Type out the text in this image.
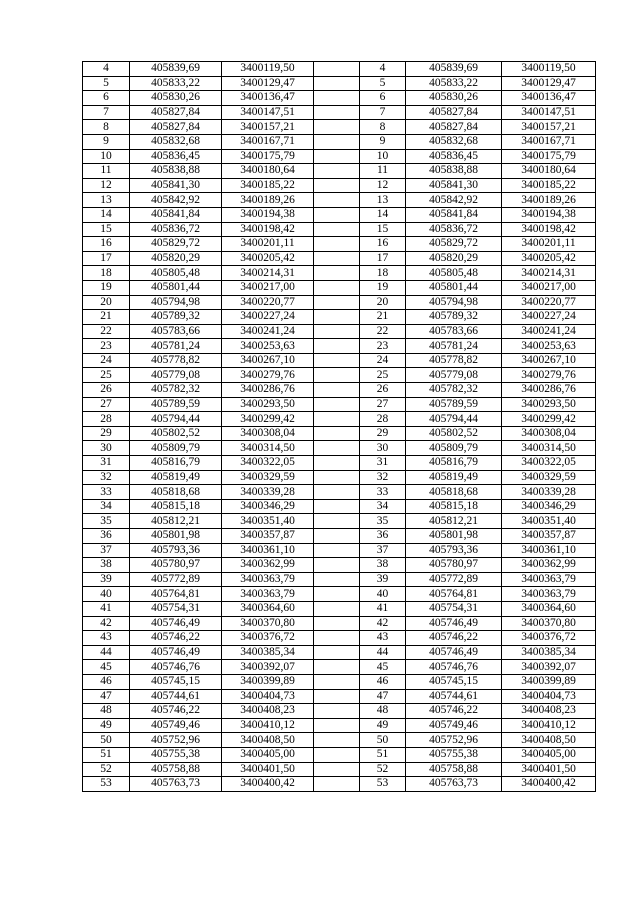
4	405839,69	3400119,50		4	405839,69	3400119,50
5	405833,22	3400129,47		5	405833,22	3400129,47
6	405830,26	3400136,47		6	405830,26	3400136,47
7	405827,84	3400147,51		7	405827,84	3400147,51
8	405827,84	3400157,21		8	405827,84	3400157,21
9	405832,68	3400167,71		9	405832,68	3400167,71
10	405836,45	3400175,79		10	405836,45	3400175,79
11	405838,88	3400180,64		11	405838,88	3400180,64
12	405841,30	3400185,22		12	405841,30	3400185,22
13	405842,92	3400189,26		13	405842,92	3400189,26
14	405841,84	3400194,38		14	405841,84	3400194,38
15	405836,72	3400198,42		15	405836,72	3400198,42
16	405829,72	3400201,11		16	405829,72	3400201,11
17	405820,29	3400205,42		17	405820,29	3400205,42
18	405805,48	3400214,31		18	405805,48	3400214,31
19	405801,44	3400217,00		19	405801,44	3400217,00
20	405794,98	3400220,77		20	405794,98	3400220,77
21	405789,32	3400227,24		21	405789,32	3400227,24
22	405783,66	3400241,24		22	405783,66	3400241,24
23	405781,24	3400253,63		23	405781,24	3400253,63
24	405778,82	3400267,10		24	405778,82	3400267,10
25	405779,08	3400279,76		25	405779,08	3400279,76
26	405782,32	3400286,76		26	405782,32	3400286,76
27	405789,59	3400293,50		27	405789,59	3400293,50
28	405794,44	3400299,42		28	405794,44	3400299,42
29	405802,52	3400308,04		29	405802,52	3400308,04
30	405809,79	3400314,50		30	405809,79	3400314,50
31	405816,79	3400322,05		31	405816,79	3400322,05
32	405819,49	3400329,59		32	405819,49	3400329,59
33	405818,68	3400339,28		33	405818,68	3400339,28
34	405815,18	3400346,29		34	405815,18	3400346,29
35	405812,21	3400351,40		35	405812,21	3400351,40
36	405801,98	3400357,87		36	405801,98	3400357,87
37	405793,36	3400361,10		37	405793,36	3400361,10
38	405780,97	3400362,99		38	405780,97	3400362,99
39	405772,89	3400363,79		39	405772,89	3400363,79
40	405764,81	3400363,79		40	405764,81	3400363,79
41	405754,31	3400364,60		41	405754,31	3400364,60
42	405746,49	3400370,80		42	405746,49	3400370,80
43	405746,22	3400376,72		43	405746,22	3400376,72
44	405746,49	3400385,34		44	405746,49	3400385,34
45	405746,76	3400392,07		45	405746,76	3400392,07
46	405745,15	3400399,89		46	405745,15	3400399,89
47	405744,61	3400404,73		47	405744,61	3400404,73
48	405746,22	3400408,23		48	405746,22	3400408,23
49	405749,46	3400410,12		49	405749,46	3400410,12
50	405752,96	3400408,50		50	405752,96	3400408,50
51	405755,38	3400405,00		51	405755,38	3400405,00
52	405758,88	3400401,50		52	405758,88	3400401,50
53	405763,73	3400400,42		53	405763,73	3400400,42
